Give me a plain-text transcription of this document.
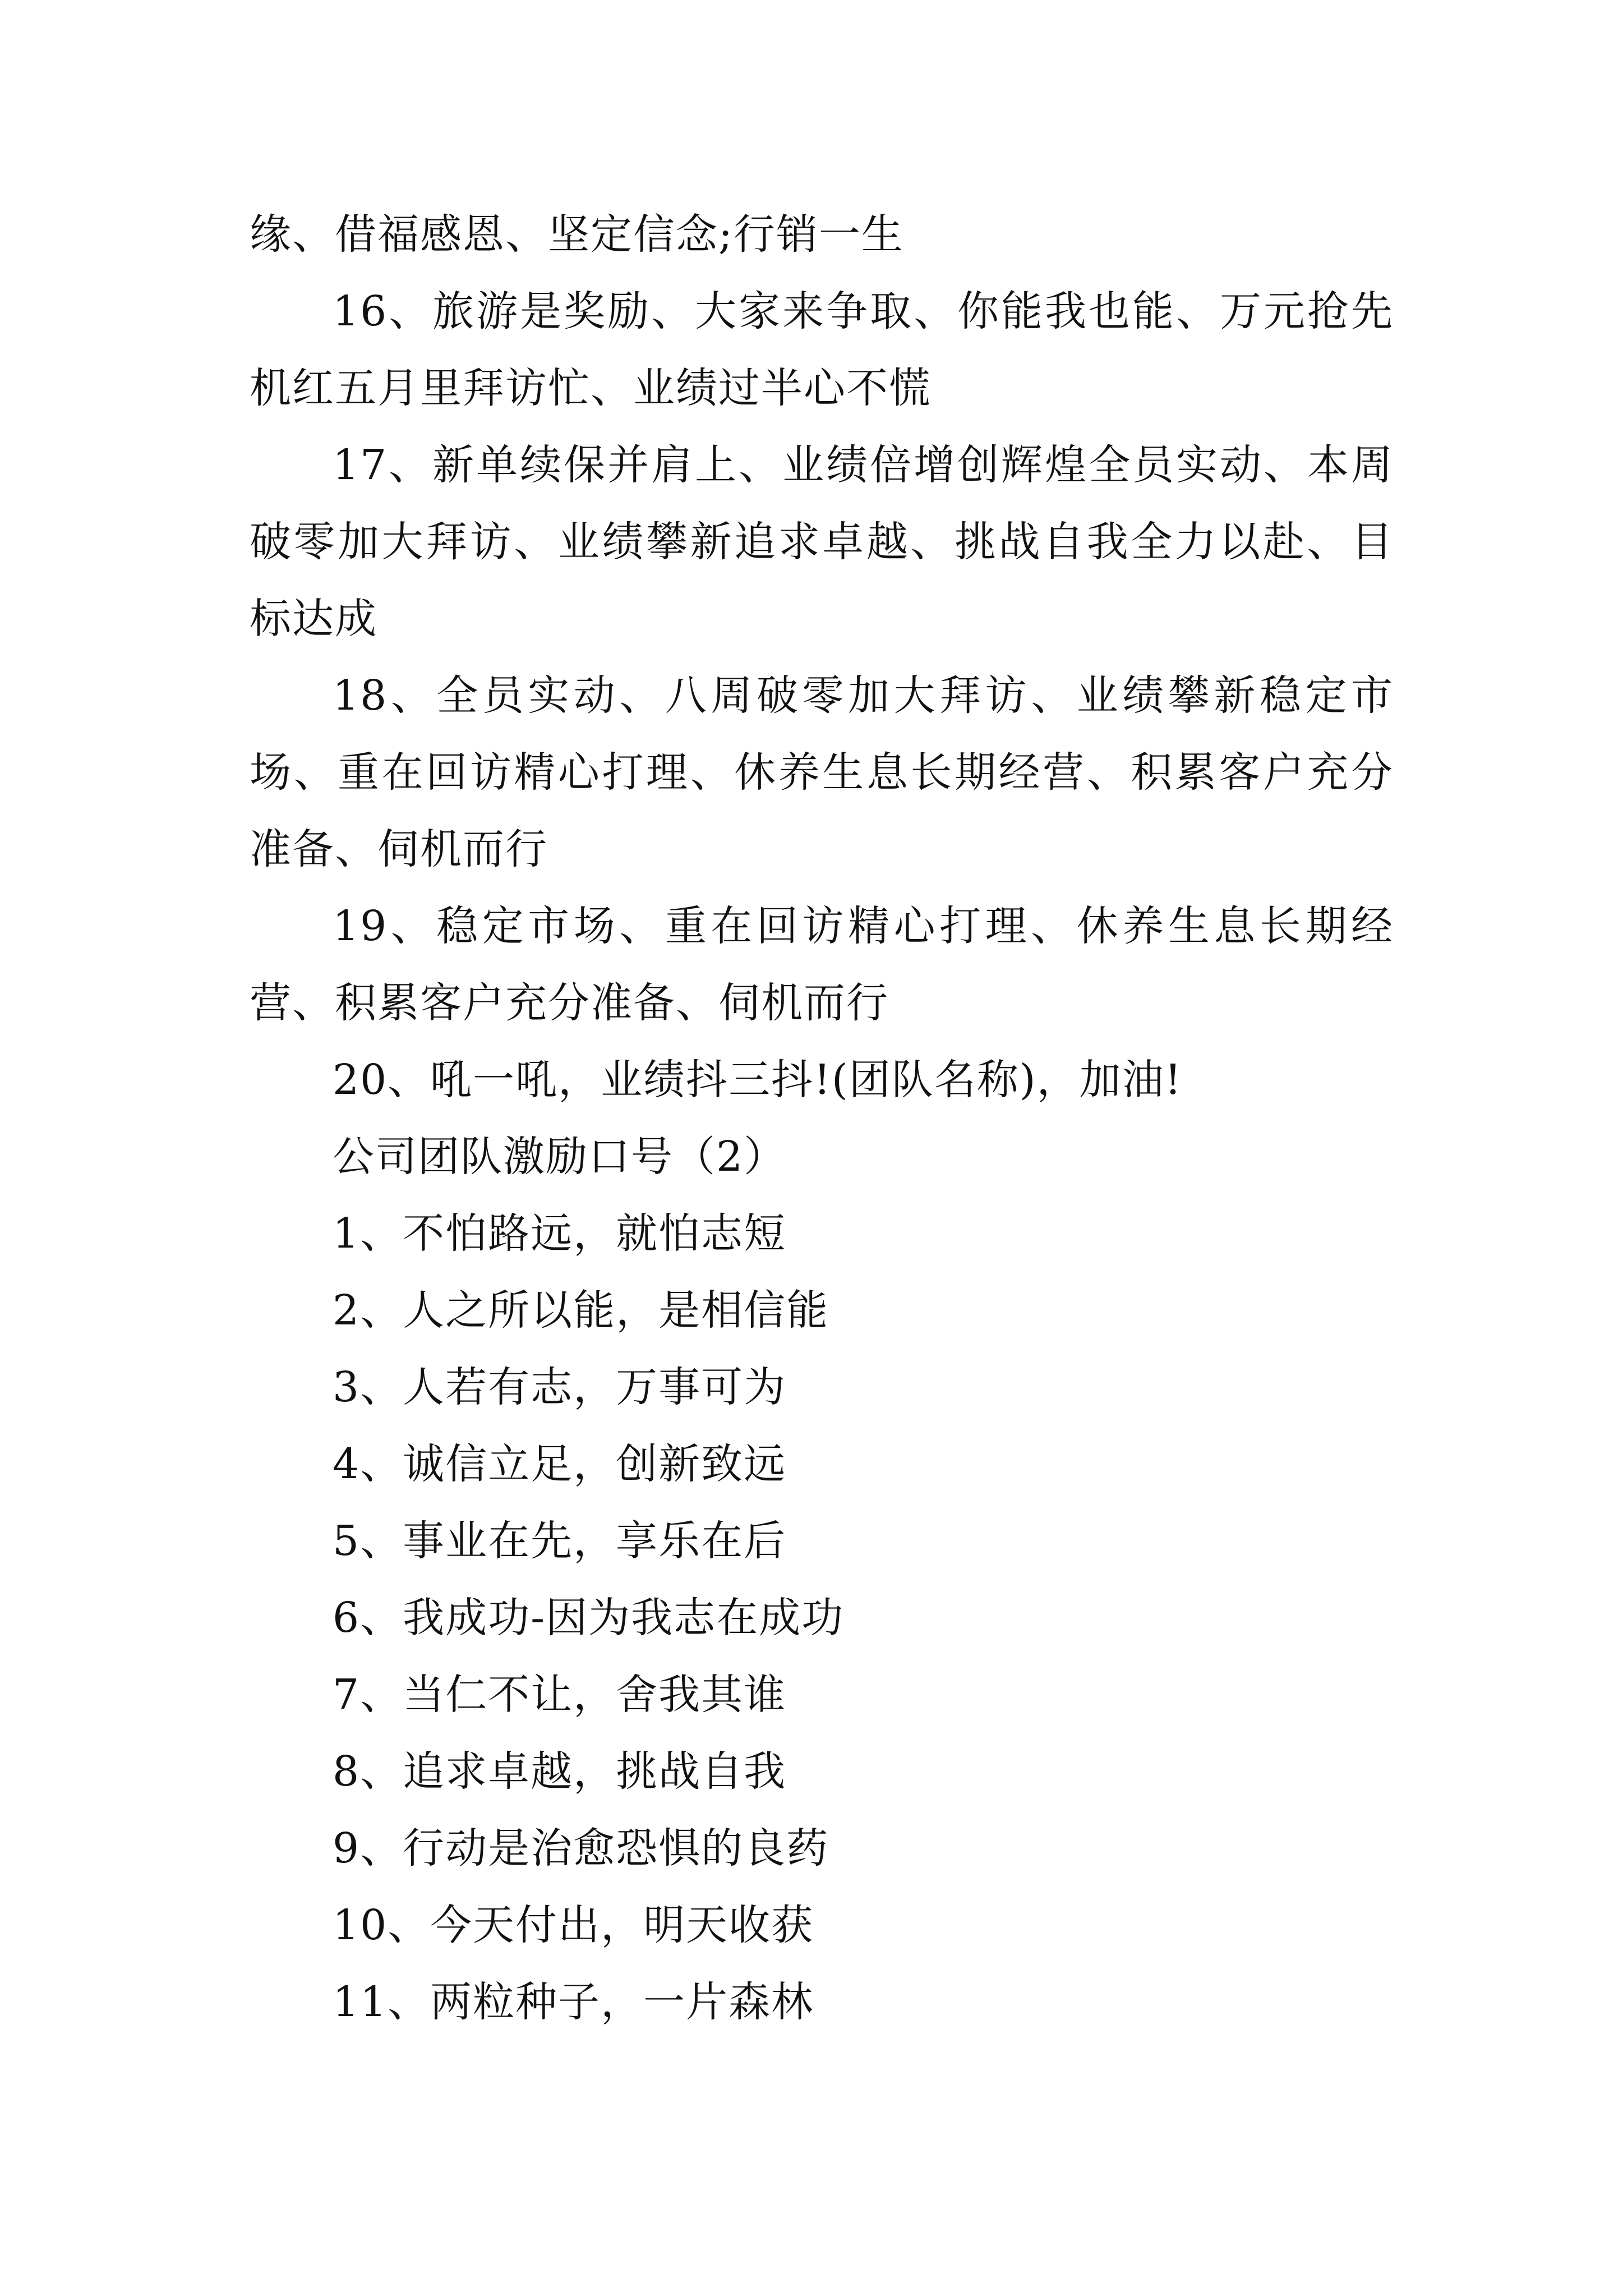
缘、借福感恩、坚定信念;行销一生

16、旅游是奖励、大家来争取、你能我也能、万元抢先机红五月里拜访忙、业绩过半心不慌

17、新单续保并肩上、业绩倍增创辉煌全员实动、本周破零加大拜访、业绩攀新追求卓越、挑战自我全力以赴、目标达成

18、全员实动、八周破零加大拜访、业绩攀新稳定市场、重在回访精心打理、休养生息长期经营、积累客户充分准备、伺机而行

19、稳定市场、重在回访精心打理、休养生息长期经营、积累客户充分准备、伺机而行

20、吼一吼，业绩抖三抖!(团队名称)，加油!

公司团队激励口号（2）

1、不怕路远，就怕志短

2、人之所以能，是相信能

3、人若有志，万事可为

4、诚信立足，创新致远

5、事业在先，享乐在后

6、我成功-因为我志在成功

7、当仁不让，舍我其谁

8、追求卓越，挑战自我

9、行动是治愈恐惧的良药

10、今天付出，明天收获

11、两粒种子，一片森林
